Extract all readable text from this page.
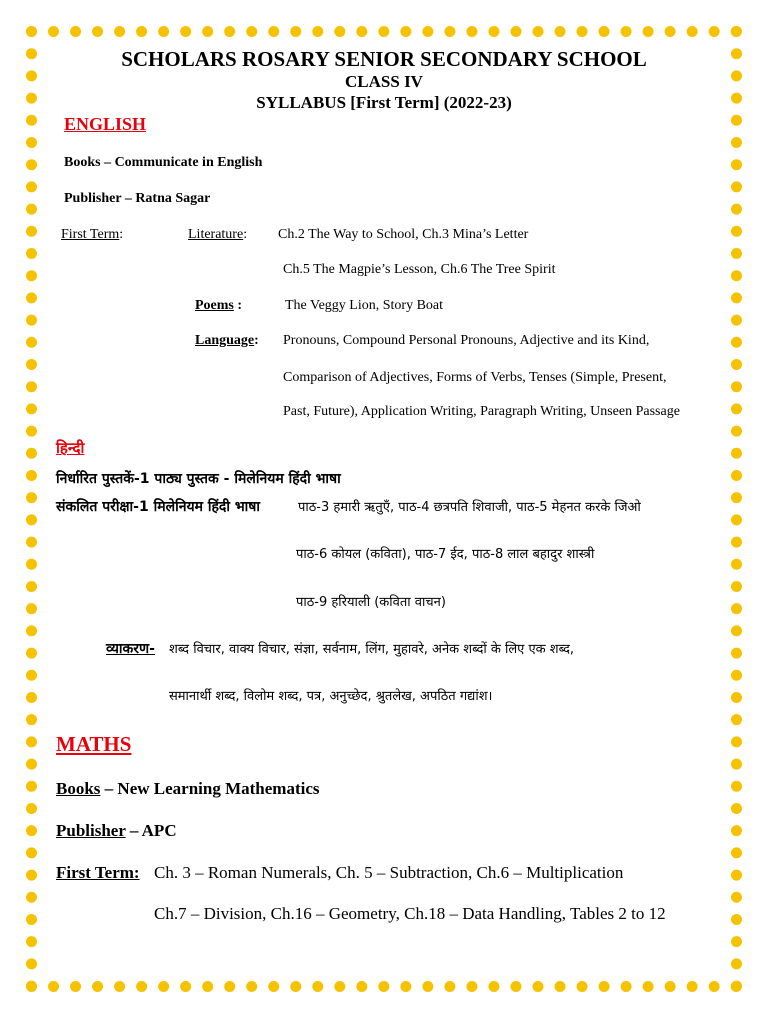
SCHOLARS ROSARY SENIOR SECONDARY SCHOOL
CLASS IV
SYLLABUS [First Term] (2022-23)
ENGLISH
Books – Communicate in English
Publisher – Ratna Sagar
First Term:	Literature: Ch.2 The Way to School, Ch.3 Mina’s Letter
Ch.5 The Magpie’s Lesson, Ch.6 The Tree Spirit
Poems :	The Veggy Lion, Story Boat
Language: Pronouns, Compound Personal Pronouns, Adjective and its Kind,
Comparison of Adjectives, Forms of Verbs, Tenses (Simple, Present,
Past, Future), Application Writing, Paragraph Writing, Unseen Passage
हिन्दी
निर्धारित पुस्तकें-1 पाठ्य पुस्तक - मिलेनियम हिंदी भाषा
संकलित परीक्षा-1 मिलेनियम हिंदी भाषा	पाठ-3 हमारी ऋतुएँ, पाठ-4 छत्रपति शिवाजी, पाठ-5 मेहनत करके जिओ
पाठ-6 कोयल (कविता), पाठ-7 ईद, पाठ-8 लाल बहादुर शास्त्री
पाठ-9 हरियाली (कविता वाचन)
व्याकरण- शब्द विचार, वाक्य विचार, संज्ञा, सर्वनाम, लिंग, मुहावरे, अनेक शब्दों के लिए एक शब्द,
समानार्थी शब्द, विलोम शब्द, पत्र, अनुच्छेद, श्रुतलेख, अपठित गद्यांश।
MATHS
Books – New Learning Mathematics
Publisher – APC
First Term: Ch. 3 – Roman Numerals, Ch. 5 – Subtraction, Ch.6 – Multiplication
Ch.7 – Division, Ch.16 – Geometry, Ch.18 – Data Handling, Tables 2 to 12
